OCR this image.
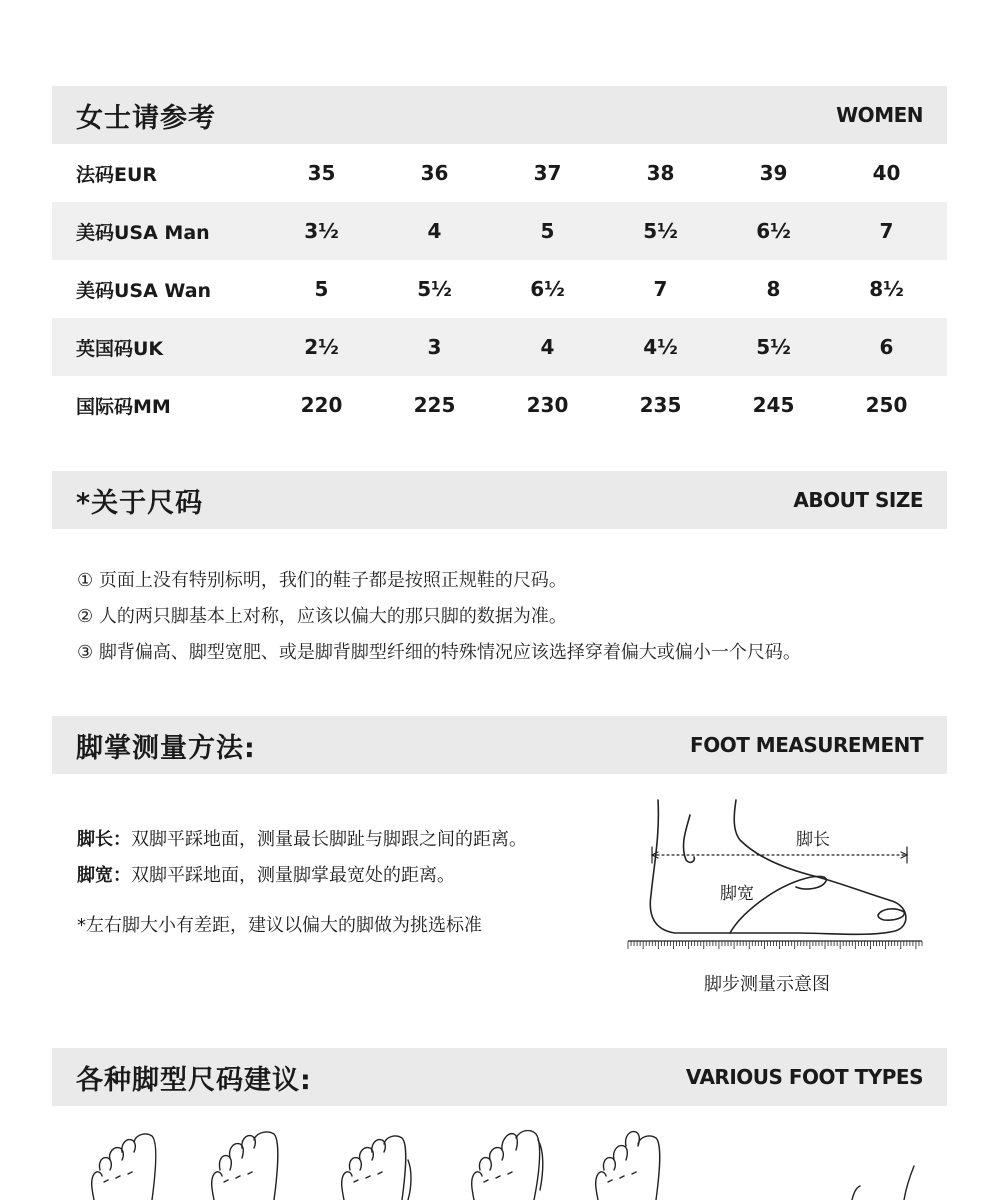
女士请参考	WOMEN
法码EUR	35	36	37	38	39	40
美码USA Man	3½	4	5	5½	6½	7
美码USA Wan	5	5½	6½	7	8	8½
英国码UK	2½	3	4	4½	5½	6
国际码MM	220	225	230	235	245	250
*关于尺码	ABOUT SIZE
① 页面上没有特别标明，我们的鞋子都是按照正规鞋的尺码。
② 人的两只脚基本上对称，应该以偏大的那只脚的数据为准。
③ 脚背偏高、脚型宽肥、或是脚背脚型纤细的特殊情况应该选择穿着偏大或偏小一个尺码。
脚掌测量方法:	FOOT MEASUREMENT
脚长：双脚平踩地面，测量最长脚趾与脚跟之间的距离。
脚宽：双脚平踩地面，测量脚掌最宽处的距离。
*左右脚大小有差距，建议以偏大的脚做为挑选标准
脚长
脚宽
脚步测量示意图
各种脚型尺码建议:	VARIOUS FOOT TYPES
